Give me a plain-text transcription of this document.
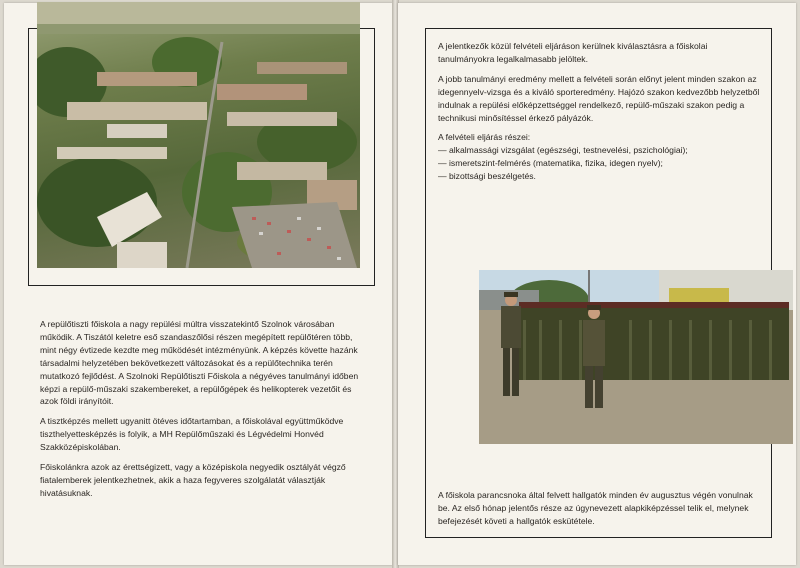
A repülőtiszti főiskola a nagy repülési múltra visszatekintő Szolnok városában működik. A Tiszától keletre eső szandaszőlősi részen megépített repülőtéren több, mint négy évtizede kezdte meg működését intézményünk. A képzés követte hazánk társadalmi helyzetében bekövetkezett változásokat és a repülőtechnika terén mutatkozó fejlődést. A Szolnoki Repülőtiszti Főiskola a négyéves tanulmányi időben képzi a repülő-műszaki szakembereket, a repülőgépek és helikopterek vezetőit és azok földi irányítóit.

A tisztképzés mellett ugyanitt ötéves időtartamban, a főiskolával együttműködve tiszthelyettesképzés is folyik, a MH Repülőműszaki és Légvédelmi Honvéd Szakközépiskolában.

Főiskolánkra azok az érettségizett, vagy a középiskola negyedik osztályát végző fiatalemberek jelentkezhetnek, akik a haza fegyveres szolgálatát választják hivatásuknak.

A jelentkezők közül felvételi eljáráson kerülnek kiválasztásra a főiskolai tanulmányokra legalkalmasabb jelöltek.

A jobb tanulmányi eredmény mellett a felvételi során előnyt jelent minden szakon az idegennyelv-vizsga és a kiváló sporteredmény. Hajózó szakon kedvezőbb helyzetből indulnak a repülési előképzettséggel rendelkező, repülő-műszaki szakon pedig a technikusi minősítéssel érkező pályázók.

A felvételi eljárás részei:

— alkalmassági vizsgálat (egészségi, testnevelési, pszichológiai);
— ismeretszint-felmérés (matematika, fizika, idegen nyelv);
— bizottsági beszélgetés.

A főiskola parancsnoka által felvett hallgatók minden év augusztus végén vonulnak be. Az első hónap jelentős része az úgynevezett alapkiképzéssel telik el, melynek befejezését követi a hallgatók eskütétele.
